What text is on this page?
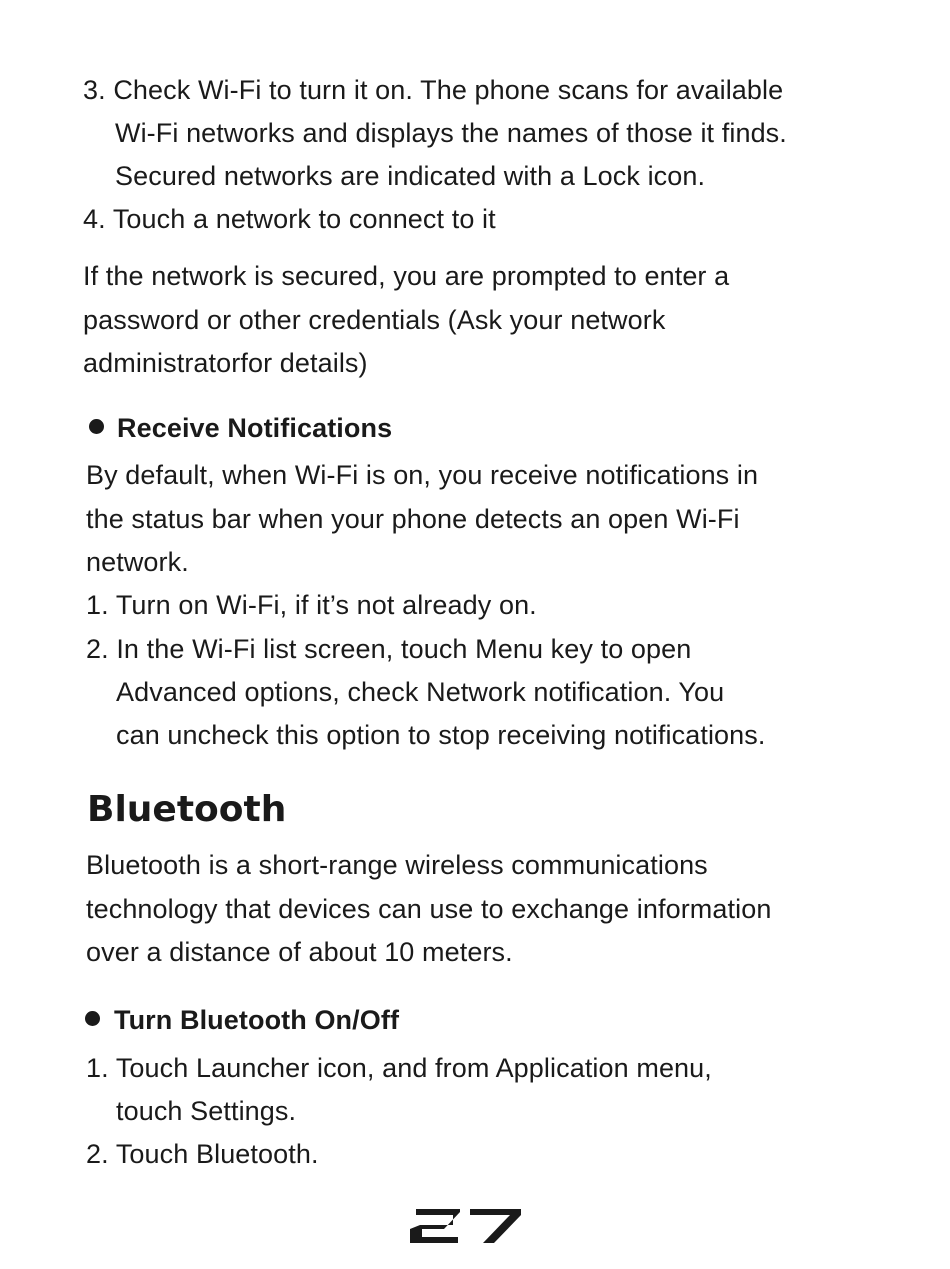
3. Check Wi-Fi to turn it on. The phone scans for available
Wi-Fi networks and displays the names of those it finds.
Secured networks are indicated with a Lock icon.
4. Touch a network to connect to it
If the network is secured, you are prompted to enter a
password or other credentials (Ask your network
administratorfor details)
Receive Notifications
By default, when Wi-Fi is on, you receive notifications in
the status bar when your phone detects an open Wi-Fi
network.
1. Turn on Wi-Fi, if it’s not already on.
2. In the Wi-Fi list screen, touch Menu key to open
Advanced options, check Network notification. You
can uncheck this option to stop receiving notifications.
Bluetooth
Bluetooth is a short-range wireless communications
technology that devices can use to exchange information
over a distance of about 10 meters.
Turn Bluetooth On/Off
1. Touch Launcher icon, and from Application menu,
touch Settings.
2. Touch Bluetooth.
